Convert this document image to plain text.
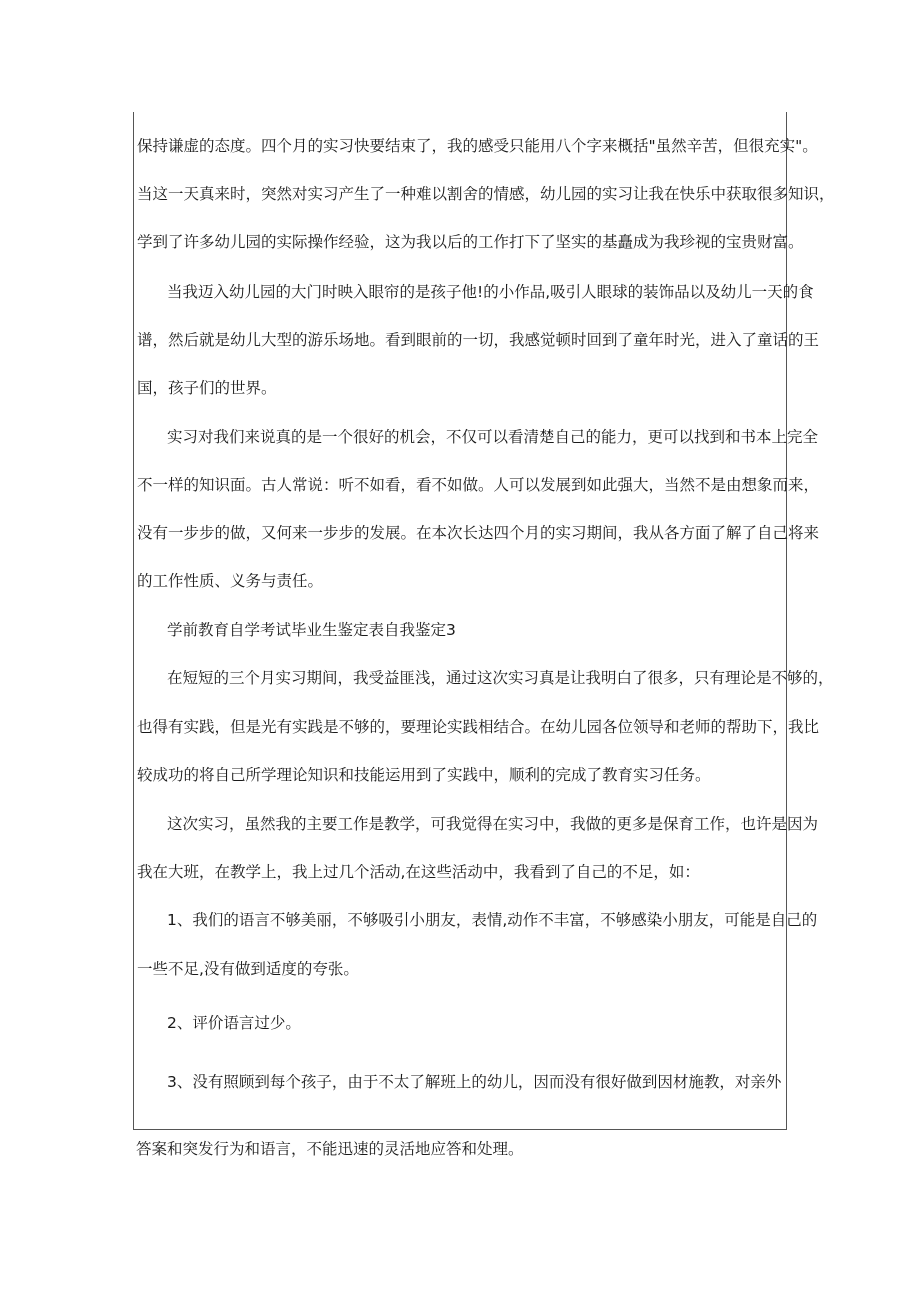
保持谦虚的态度。四个月的实习快要结束了，我的感受只能用八个字来概括"虽然辛苦，但很充实"。
当这一天真来时，突然对实习产生了一种难以割舍的情感，幼儿园的实习让我在快乐中获取很多知识，
学到了许多幼儿园的实际操作经验，这为我以后的工作打下了坚实的基矗成为我珍视的宝贵财富。
当我迈入幼儿园的大门时映入眼帘的是孩子他!的小作品,吸引人眼球的装饰品以及幼儿一天的食
谱，然后就是幼儿大型的游乐场地。看到眼前的一切，我感觉顿时回到了童年时光，进入了童话的王
国，孩子们的世界。
实习对我们来说真的是一个很好的机会，不仅可以看清楚自己的能力，更可以找到和书本上完全
不一样的知识面。古人常说：听不如看，看不如做。人可以发展到如此强大，当然不是由想象而来，
没有一步步的做，又何来一步步的发展。在本次长达四个月的实习期间，我从各方面了解了自己将来
的工作性质、义务与责任。
学前教育自学考试毕业生鉴定表自我鉴定3
在短短的三个月实习期间，我受益匪浅，通过这次实习真是让我明白了很多，只有理论是不够的，
也得有实践，但是光有实践是不够的，要理论实践相结合。在幼儿园各位领导和老师的帮助下，我比
较成功的将自己所学理论知识和技能运用到了实践中，顺利的完成了教育实习任务。
这次实习，虽然我的主要工作是教学，可我觉得在实习中，我做的更多是保育工作，也许是因为
我在大班，在教学上，我上过几个活动,在这些活动中，我看到了自己的不足，如：
1、我们的语言不够美丽，不够吸引小朋友，表情,动作不丰富，不够感染小朋友，可能是自己的
一些不足,没有做到适度的夸张。
2、评价语言过少。
3、没有照顾到每个孩子，由于不太了解班上的幼儿，因而没有很好做到因材施教，对亲外
答案和突发行为和语言，不能迅速的灵活地应答和处理。
